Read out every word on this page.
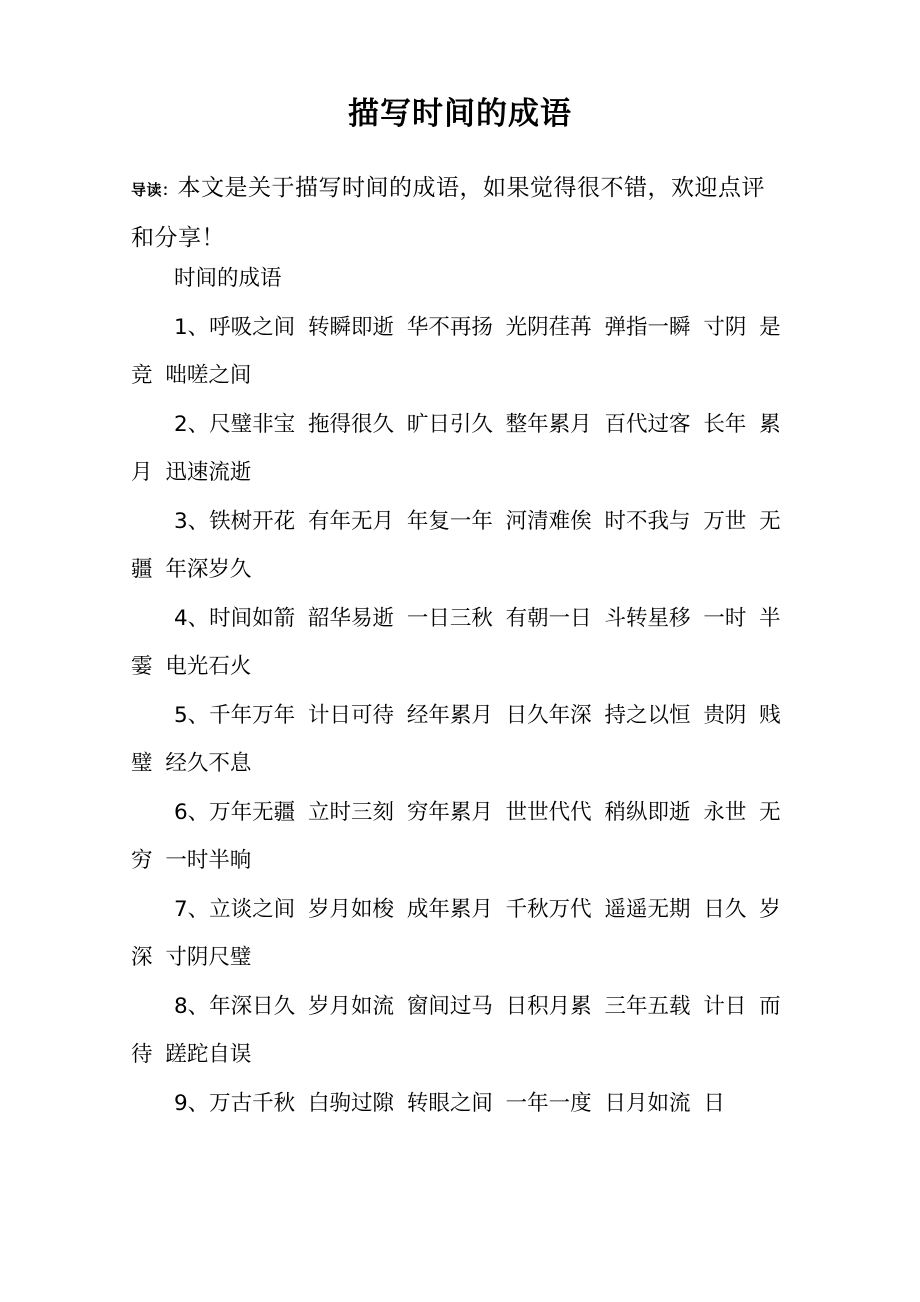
描写时间的成语
导读：本文是关于描写时间的成语，如果觉得很不错，欢迎点评和分享！

时间的成语

1、呼吸之间 转瞬即逝 华不再扬 光阴荏苒 弹指一瞬 寸阴 是竞 咄嗟之间

2、尺璧非宝 拖得很久 旷日引久 整年累月 百代过客 长年 累月 迅速流逝

3、铁树开花 有年无月 年复一年 河清难俟 时不我与 万世 无疆 年深岁久

4、时间如箭 韶华易逝 一日三秋 有朝一日 斗转星移 一时 半霎 电光石火

5、千年万年 计日可待 经年累月 日久年深 持之以恒 贵阴 贱璧 经久不息

6、万年无疆 立时三刻 穷年累月 世世代代 稍纵即逝 永世 无穷 一时半晌

7、立谈之间 岁月如梭 成年累月 千秋万代 遥遥无期 日久 岁深 寸阴尺璧

8、年深日久 岁月如流 窗间过马 日积月累 三年五载 计日 而待 蹉跎自误

9、万古千秋 白驹过隙 转眼之间 一年一度 日月如流 日
